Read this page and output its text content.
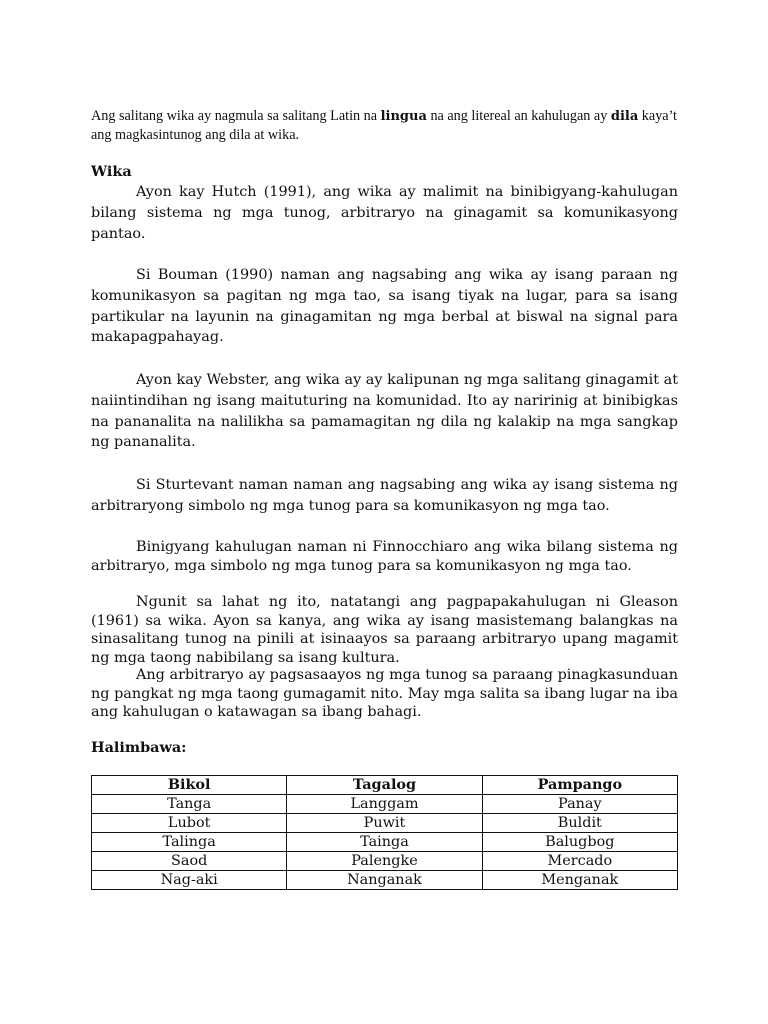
Ang salitang wika ay nagmula sa salitang Latin na lingua na ang litereal an kahulugan ay dila kaya’t ang magkasintunog ang dila at wika.

Wika

Ayon kay Hutch (1991), ang wika ay malimit na binibigyang-kahulugan bilang sistema ng mga tunog, arbitraryo na ginagamit sa komunikasyong pantao.

Si Bouman (1990) naman ang nagsabing ang wika ay isang paraan ng komunikasyon sa pagitan ng mga tao, sa isang tiyak na lugar, para sa isang partikular na layunin na ginagamitan ng mga berbal at biswal na signal para makapagpahayag.

Ayon kay Webster, ang wika ay ay kalipunan ng mga salitang ginagamit at naiintindihan ng isang maituturing na komunidad. Ito ay naririnig at binibigkas na pananalita na nalilikha sa pamamagitan ng dila ng kalakip na mga sangkap ng pananalita.

Si Sturtevant naman naman ang nagsabing ang wika ay isang sistema ng arbitraryong simbolo ng mga tunog para sa komunikasyon ng mga tao.

Binigyang kahulugan naman ni Finnocchiaro ang wika bilang sistema ng arbitraryo, mga simbolo ng mga tunog para sa komunikasyon ng mga tao.

Ngunit sa lahat ng ito, natatangi ang pagpapakahulugan ni Gleason (1961) sa wika. Ayon sa kanya, ang wika ay isang masistemang balangkas na sinasalitang tunog na pinili at isinaayos sa paraang arbitraryo upang magamit ng mga taong nabibilang sa isang kultura.

Ang arbitraryo ay pagsasaayos ng mga tunog sa paraang pinagkasunduan ng pangkat ng mga taong gumagamit nito. May mga salita sa ibang lugar na iba ang kahulugan o katawagan sa ibang bahagi.

Halimbawa:
Bikol	Tagalog	Pampango
Tanga	Langgam	Panay
Lubot	Puwit	Buldit
Talinga	Tainga	Balugbog
Saod	Palengke	Mercado
Nag-aki	Nanganak	Menganak
